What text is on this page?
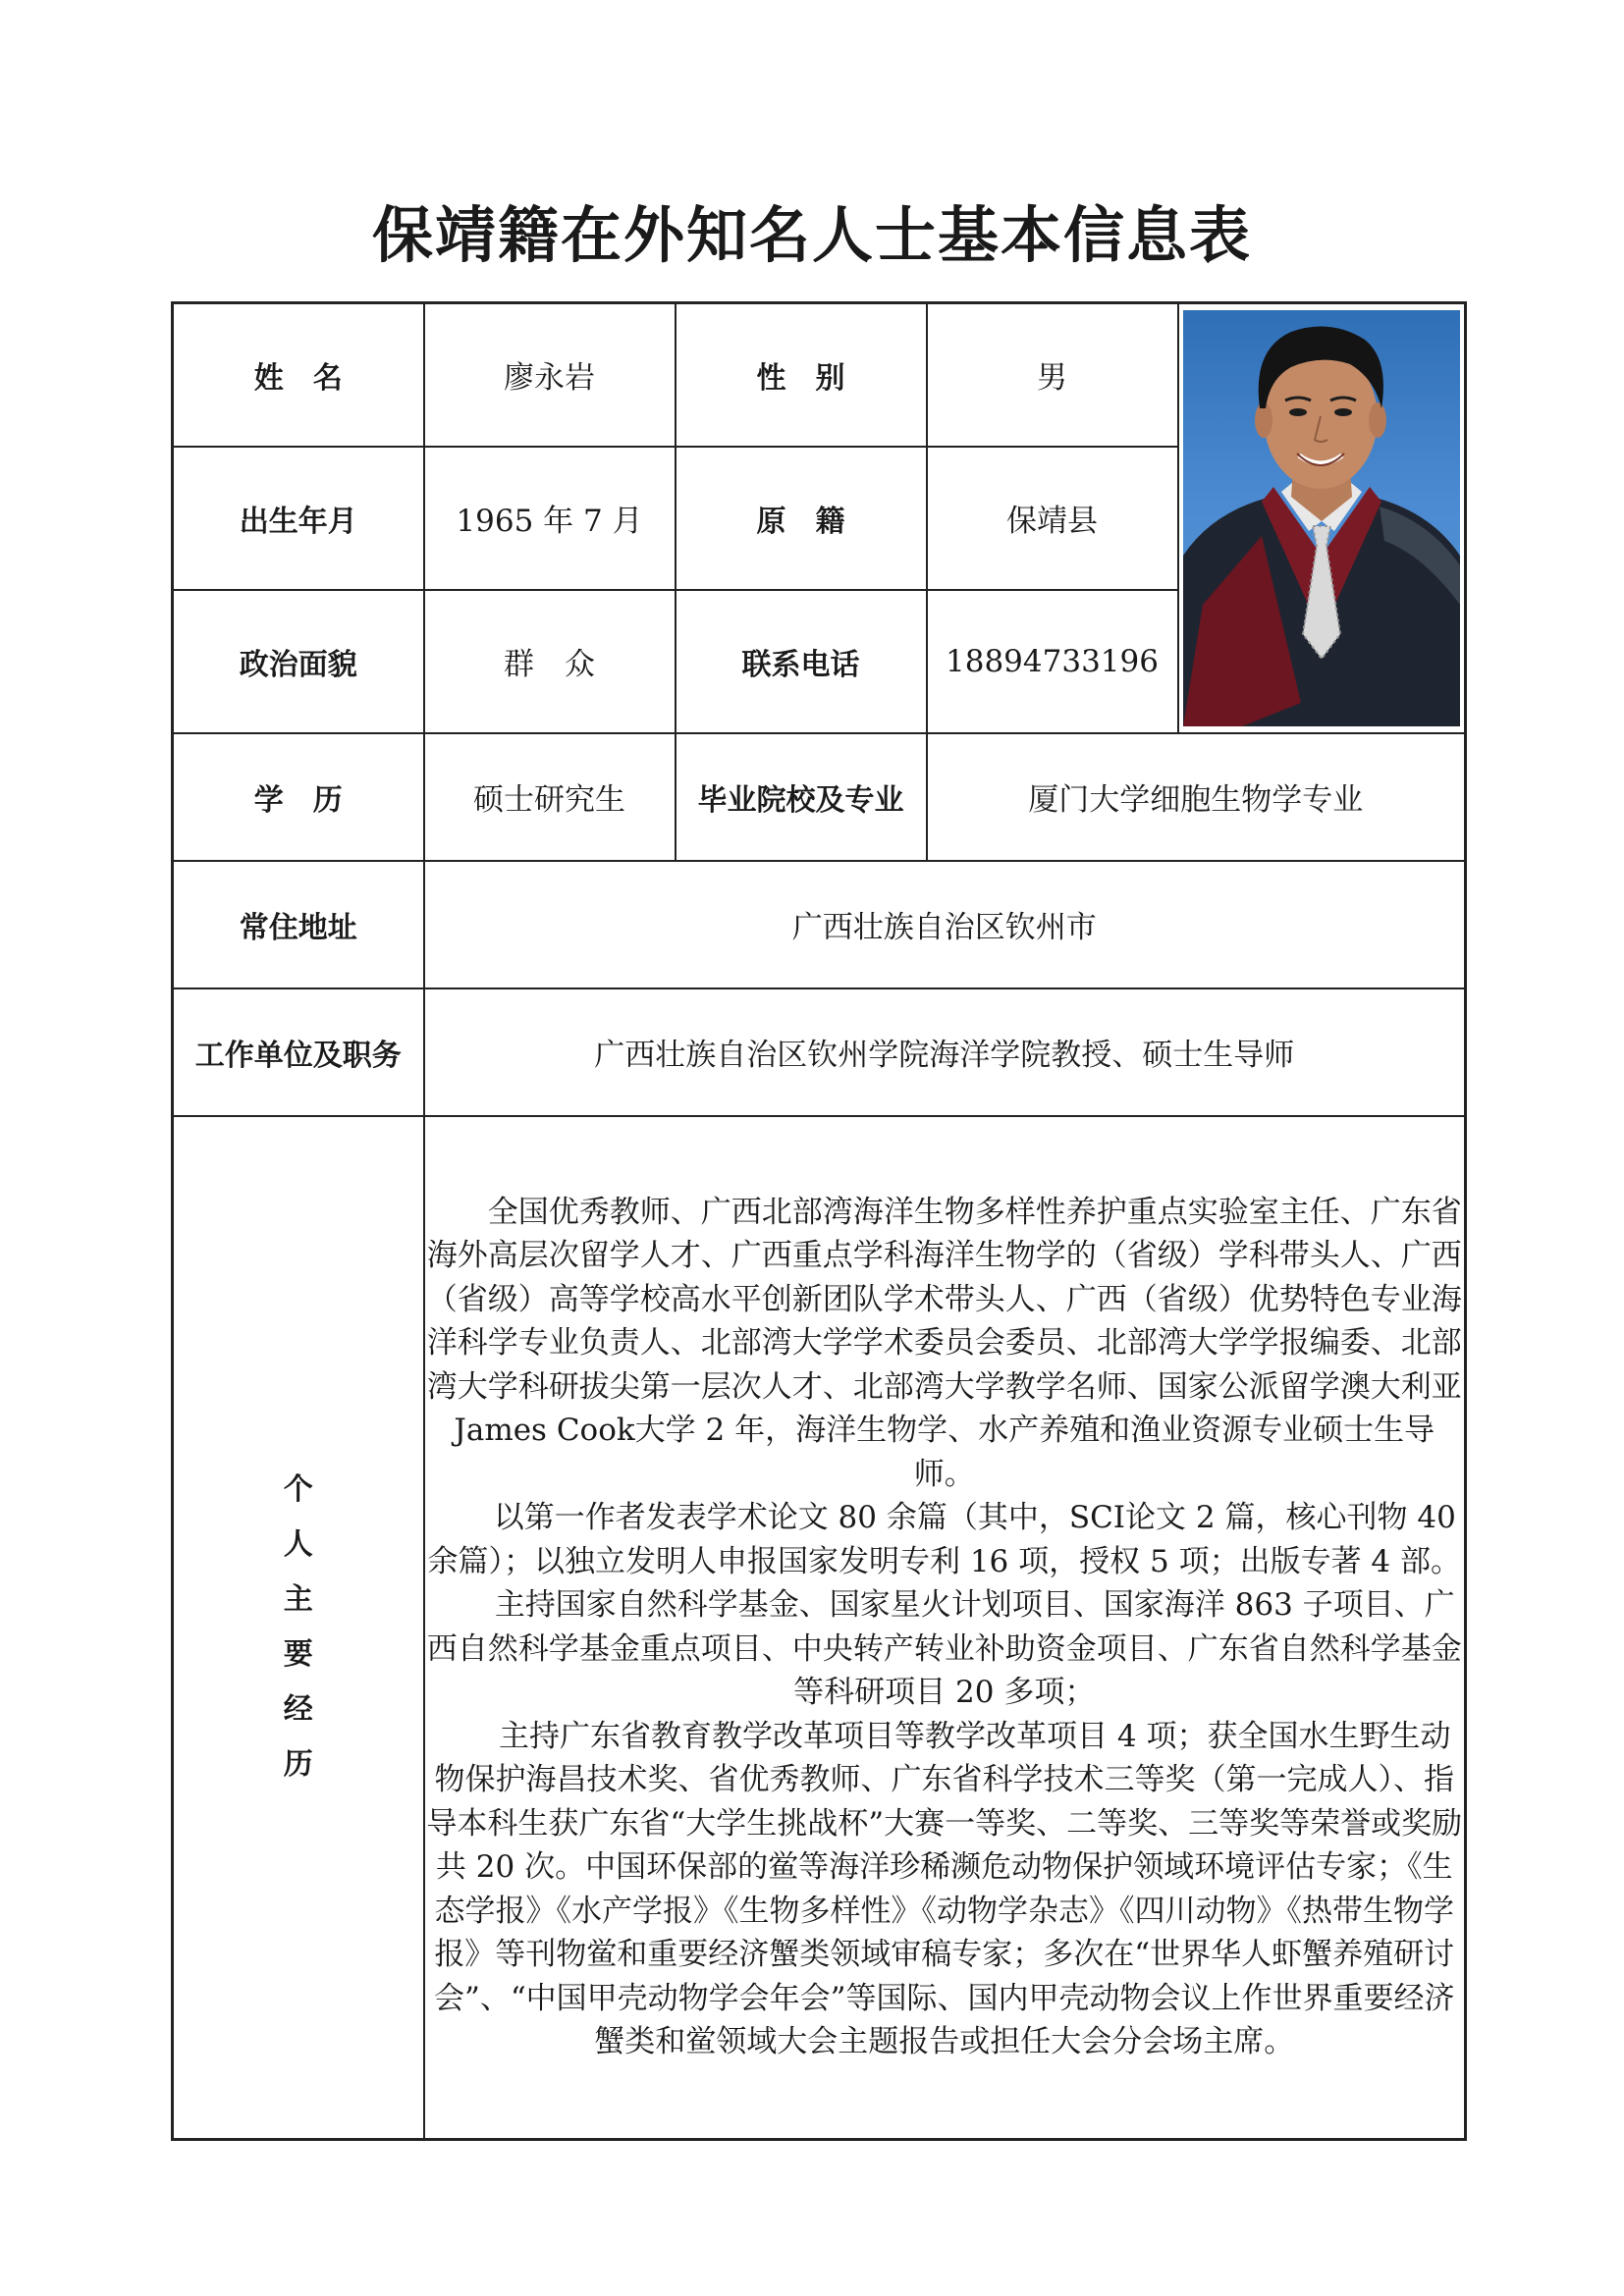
保靖籍在外知名人士基本信息表
姓　名	廖永岩	性　别	男	

出生年月	1965 年 7 月	原　籍	保靖县	
政治面貌	群　众	联系电话	18894733196	
学　历	硕士研究生	毕业院校及专业	厦门大学细胞生物学专业	
常住地址	广西壮族自治区钦州市			
工作单位及职务	广西壮族自治区钦州学院海洋学院教授、硕士生导师			
个人主要经历	全国优秀教师、广西北部湾海洋生物多样性养护重点实验室主任、广东省海外高层次留学人才、广西重点学科海洋生物学的（省级）学科带头人、广西（省级）高等学校高水平创新团队学术带头人、广西（省级）优势特色专业海洋科学专业负责人、北部湾大学学术委员会委员、北部湾大学学报编委、北部湾大学科研拔尖第一层次人才、北部湾大学教学名师、国家公派留学澳大利亚James Cook大学 2 年，海洋生物学、水产养殖和渔业资源专业硕士生导师。

以第一作者发表学术论文 80 余篇（其中，SCI论文 2 篇，核心刊物 40 余篇）；以独立发明人申报国家发明专利 16 项，授权 5 项；出版专著 4 部。

主持国家自然科学基金、国家星火计划项目、国家海洋 863 子项目、广西自然科学基金重点项目、中央转产转业补助资金项目、广东省自然科学基金等科研项目 20 多项；

主持广东省教育教学改革项目等教学改革项目 4 项；获全国水生野生动物保护海昌技术奖、省优秀教师、广东省科学技术三等奖（第一完成人）、指导本科生获广东省“大学生挑战杯”大赛一等奖、二等奖、三等奖等荣誉或奖励共 20 次。中国环保部的鲎等海洋珍稀濒危动物保护领域环境评估专家；《生态学报》《水产学报》《生物多样性》《动物学杂志》《四川动物》《热带生物学报》等刊物鲎和重要经济蟹类领域审稿专家；多次在“世界华人虾蟹养殖研讨会”、“中国甲壳动物学会年会”等国际、国内甲壳动物会议上作世界重要经济蟹类和鲎领域大会主题报告或担任大会分会场主席。			
